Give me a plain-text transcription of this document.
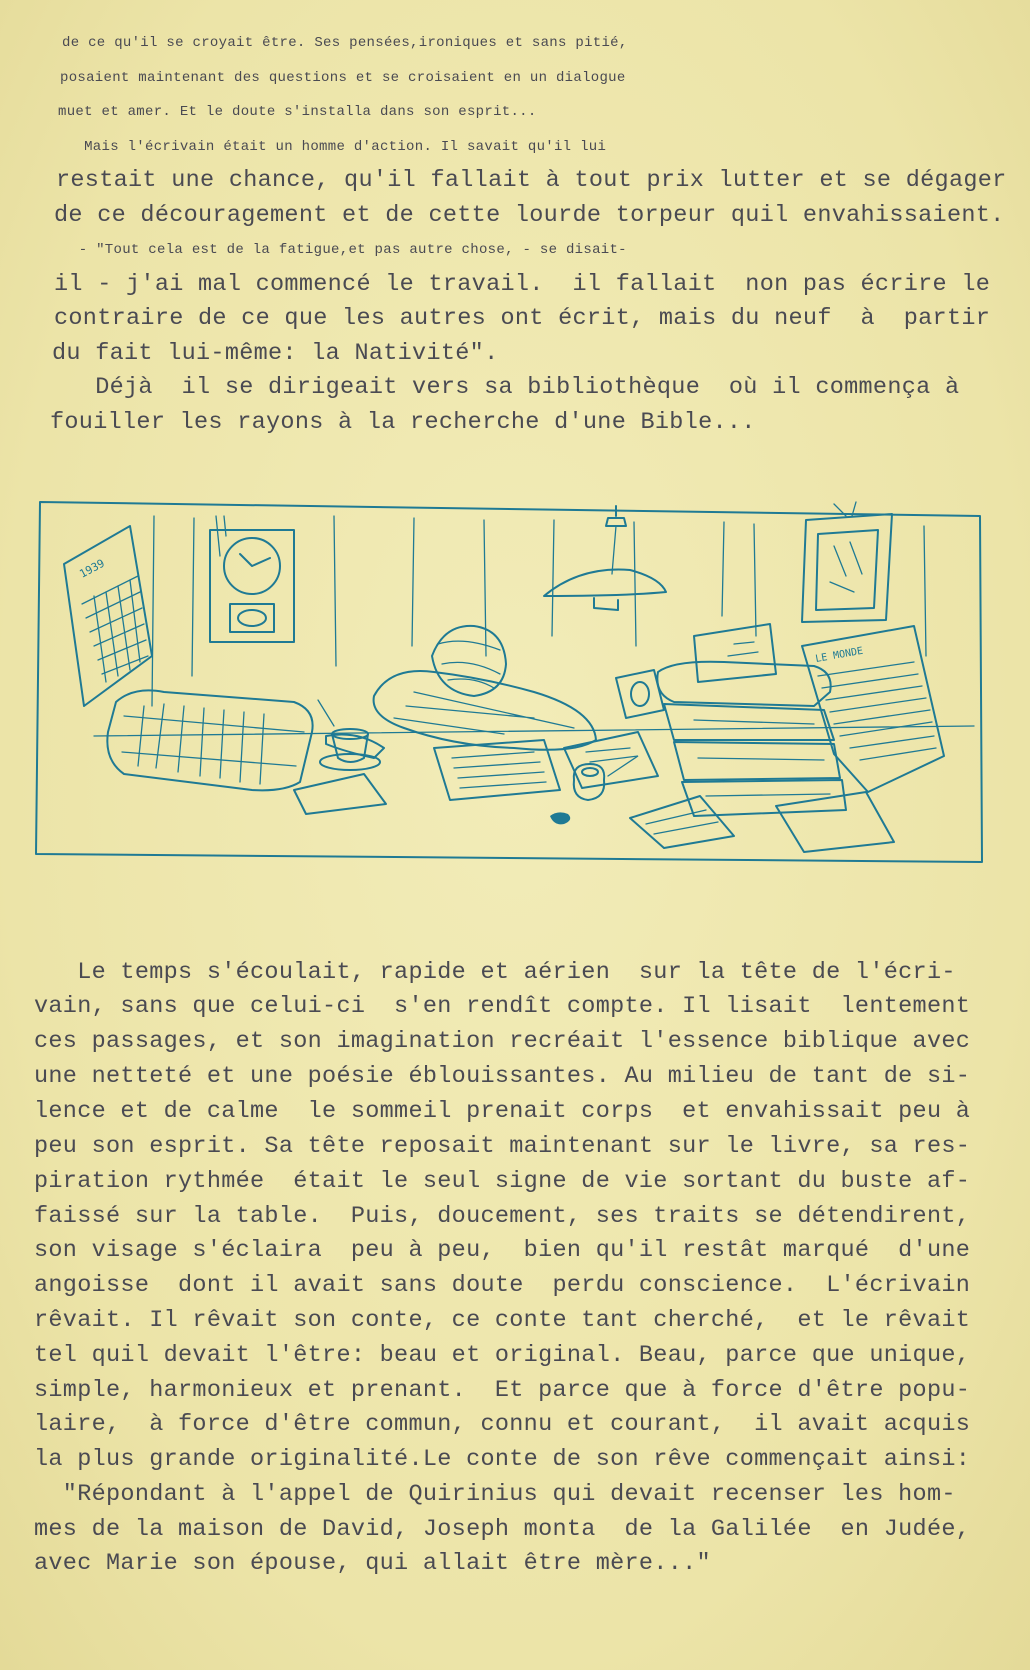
de ce qu'il se croyait être. Ses pensées,ironiques et sans pitié,
posaient maintenant des questions et se croisaient en un dialogue
muet et amer. Et le doute s'installa dans son esprit...
Mais l'écrivain était un homme d'action. Il savait qu'il lui
restait une chance, qu'il fallait à tout prix lutter et se dégager
de ce découragement et de cette lourde torpeur quil envahissaient.
- "Tout cela est de la fatigue,et pas autre chose, - se disait-
il - j'ai mal commencé le travail.  il fallait  non pas écrire le
contraire de ce que les autres ont écrit, mais du neuf  à  partir
du fait lui-même: la Nativité".
Déjà  il se dirigeait vers sa bibliothèque  où il commença à
fouiller les rayons à la recherche d'une Bible...
1939
LE MONDE
Le temps s'écoulait, rapide et aérien  sur la tête de l'écri-
vain, sans que celui-ci  s'en rendît compte. Il lisait  lentement
ces passages, et son imagination recréait l'essence biblique avec
une netteté et une poésie éblouissantes. Au milieu de tant de si-
lence et de calme  le sommeil prenait corps  et envahissait peu à
peu son esprit. Sa tête reposait maintenant sur le livre, sa res-
piration rythmée  était le seul signe de vie sortant du buste af-
faissé sur la table.  Puis, doucement, ses traits se détendirent,
son visage s'éclaira  peu à peu,  bien qu'il restât marqué  d'une
angoisse  dont il avait sans doute  perdu conscience.  L'écrivain
rêvait. Il rêvait son conte, ce conte tant cherché,  et le rêvait
tel quil devait l'être: beau et original. Beau, parce que unique,
simple, harmonieux et prenant.  Et parce que à force d'être popu-
laire,  à force d'être commun, connu et courant,  il avait acquis
la plus grande originalité.Le conte de son rêve commençait ainsi:
"Répondant à l'appel de Quirinius qui devait recenser les hom-
mes de la maison de David, Joseph monta  de la Galilée  en Judée,
avec Marie son épouse, qui allait être mère..."
